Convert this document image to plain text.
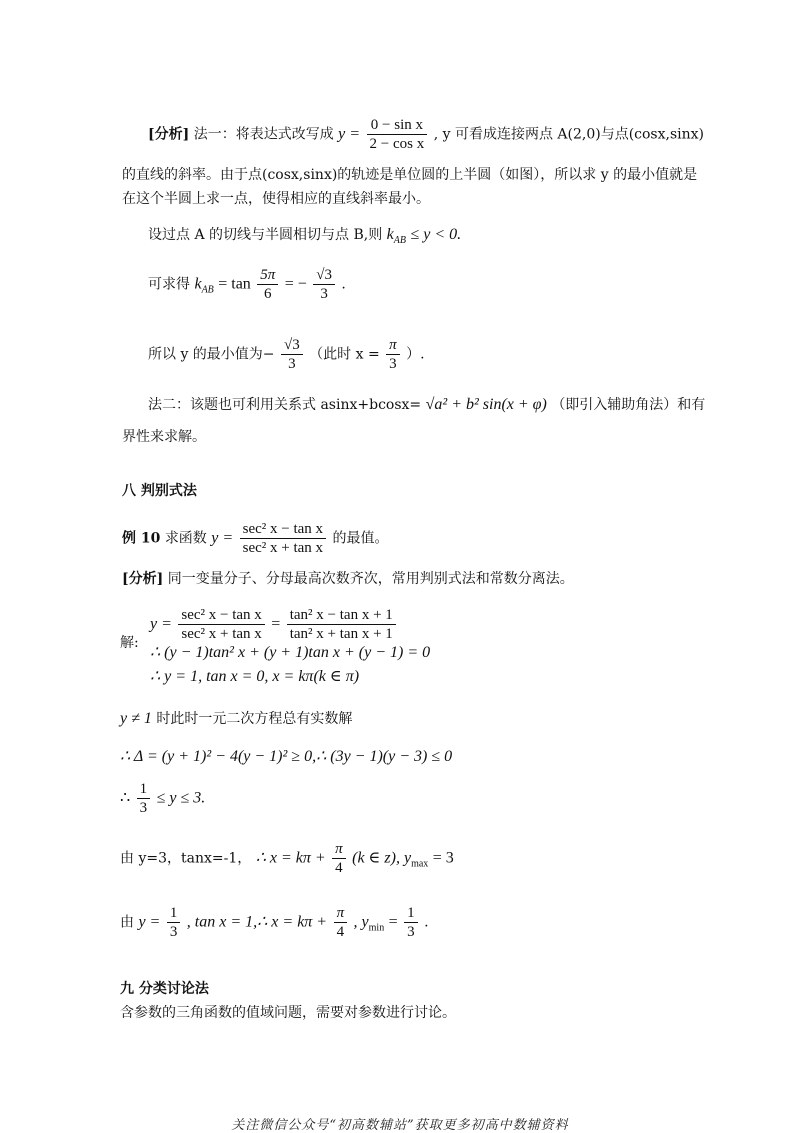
[分析] 法一：将表达式改写成 $y = \frac{\text{0 − sin x}}{\text{2 − cos x}}$ , y 可看成连接两点 A(2,0)与点(cosx,sinx)
的直线的斜率。由于点(cosx,sinx)的轨迹是单位圆的上半圆（如图），所以求 y 的最小值就是
在这个半圆上求一点，使得相应的直线斜率最小。
设过点 A 的切线与半圆相切与点 B,则 $k_{AB} \le y < 0$.
可求得 $k_{AB} = \tan \frac{5\pi}{6}$ = − $\frac{√3}{3}$ .
所以 y 的最小值为− $\frac{√3}{3}$ （此时 $x = \frac{\pi}{3}$ ）.
法二：该题也可利用关系式 asinx+bcosx= √a² + b² sin(x + φ) （即引入辅助角法）和有
界性来求解。
八 判别式法
例 10 求函数 $y = \frac{\text{sec² x − tan x}}{\text{sec² x + tan x}}$ 的最值。
[分析] 同一变量分子、分母最高次数齐次，常用判别式法和常数分离法。
解:
$y = \frac{\text{sec² x − tan x}}{\text{sec² x + tan x}} = \frac{\text{tan² x − tan x + 1}}{\text{tan² x + tan x + 1}}$
∴ (y − 1)tan² x + (y + 1)tan x + (y − 1) = 0
∴ y = 1, tan x = 0, x = kπ(k ∈ π)
y ≠ 1 时此时一元二次方程总有实数解
∴ Δ = (y + 1)² − 4(y − 1)² ≥ 0,∴ (3y − 1)(y − 3) ≤ 0
∴ $\frac{1}{3} \le y \le 3$.
由 y=3，tanx=-1， ∴ $x = k\pi + \frac{\pi}{4} (k$ ∈ z), $y_{max} = 3$
由 $y = \frac{1}{3}$ , tan x = 1,∴ $x = k\pi + \frac{\pi}{4}$ , $y_{min} = \frac{1}{3}$ .
九 分类讨论法
含参数的三角函数的值域问题，需要对参数进行讨论。
关注微信公众号“初高数辅站”获取更多初高中数辅资料
